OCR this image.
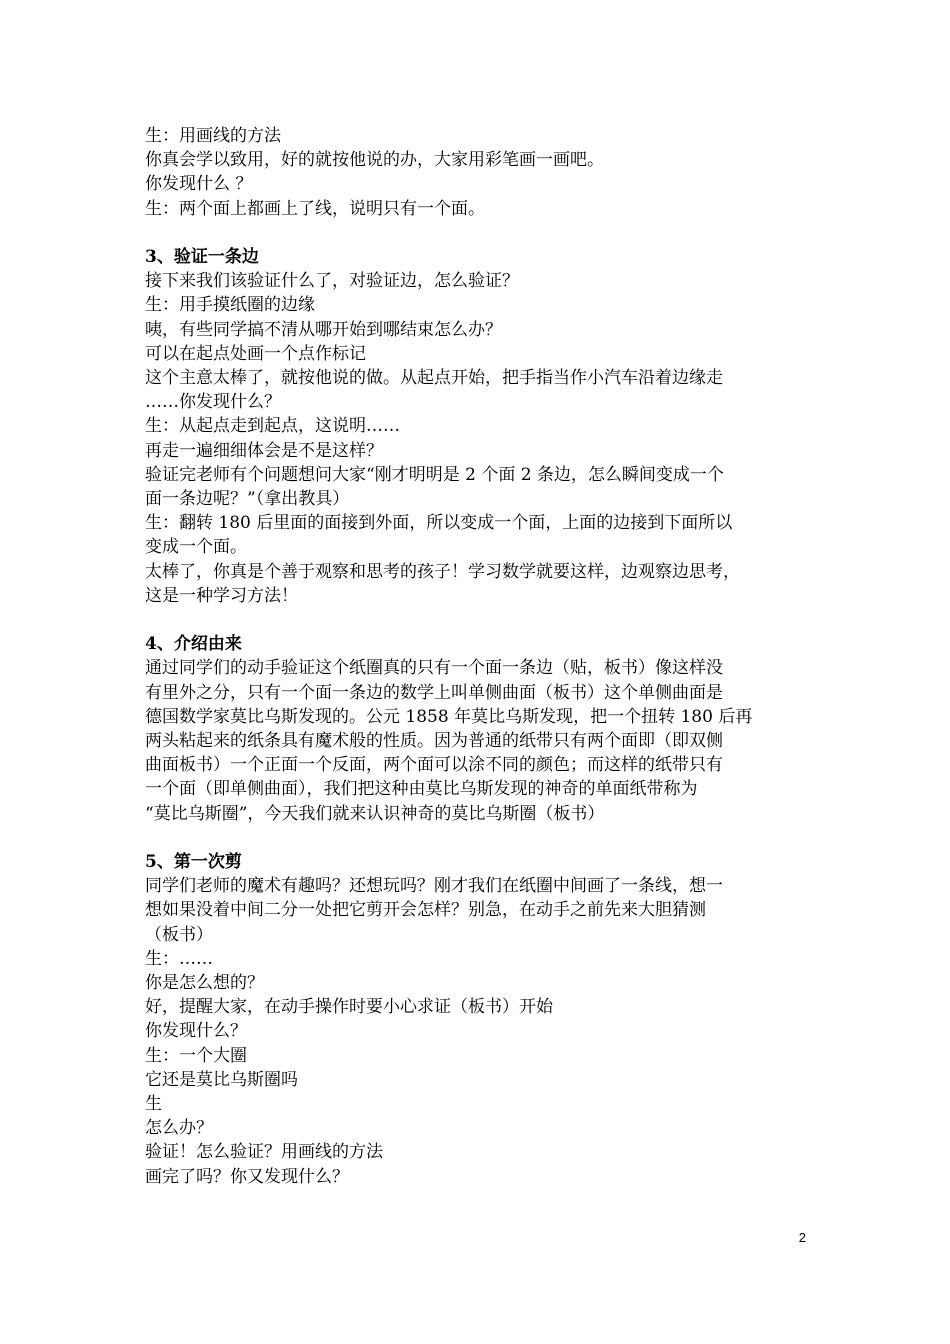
生：用画线的方法
你真会学以致用，好的就按他说的办，大家用彩笔画一画吧。
你发现什么 ？
生：两个面上都画上了线，说明只有一个面。
3、验证一条边
接下来我们该验证什么了，对验证边，怎么验证？
生：用手摸纸圈的边缘
咦，有些同学搞不清从哪开始到哪结束怎么办？
可以在起点处画一个点作标记
这个主意太棒了，就按他说的做。从起点开始，把手指当作小汽车沿着边缘走
……你发现什么？
生：从起点走到起点，这说明……
再走一遍细细体会是不是这样？
验证完老师有个问题想问大家“刚才明明是 2 个面 2 条边，怎么瞬间变成一个
面一条边呢？”（拿出教具）
生：翻转 180 后里面的面接到外面，所以变成一个面，上面的边接到下面所以
变成一个面。
太棒了，你真是个善于观察和思考的孩子！学习数学就要这样，边观察边思考，
这是一种学习方法！
4、介绍由来
通过同学们的动手验证这个纸圈真的只有一个面一条边（贴，板书）像这样没
有里外之分，只有一个面一条边的数学上叫单侧曲面（板书）这个单侧曲面是
德国数学家莫比乌斯发现的。公元 1858 年莫比乌斯发现，把一个扭转 180 后再
两头粘起来的纸条具有魔术般的性质。因为普通的纸带只有两个面即（即双侧
曲面板书）一个正面一个反面，两个面可以涂不同的颜色；而这样的纸带只有
一个面（即单侧曲面），我们把这种由莫比乌斯发现的神奇的单面纸带称为
“莫比乌斯圈”，今天我们就来认识神奇的莫比乌斯圈（板书）
5、第一次剪
同学们老师的魔术有趣吗？还想玩吗？刚才我们在纸圈中间画了一条线，想一
想如果没着中间二分一处把它剪开会怎样？别急，在动手之前先来大胆猜测
（板书）
生：……
你是怎么想的？
好，提醒大家，在动手操作时要小心求证（板书）开始
你发现什么？
生：一个大圈
它还是莫比乌斯圈吗
生
怎么办？
验证！怎么验证？用画线的方法
画完了吗？你又发现什么？
2
